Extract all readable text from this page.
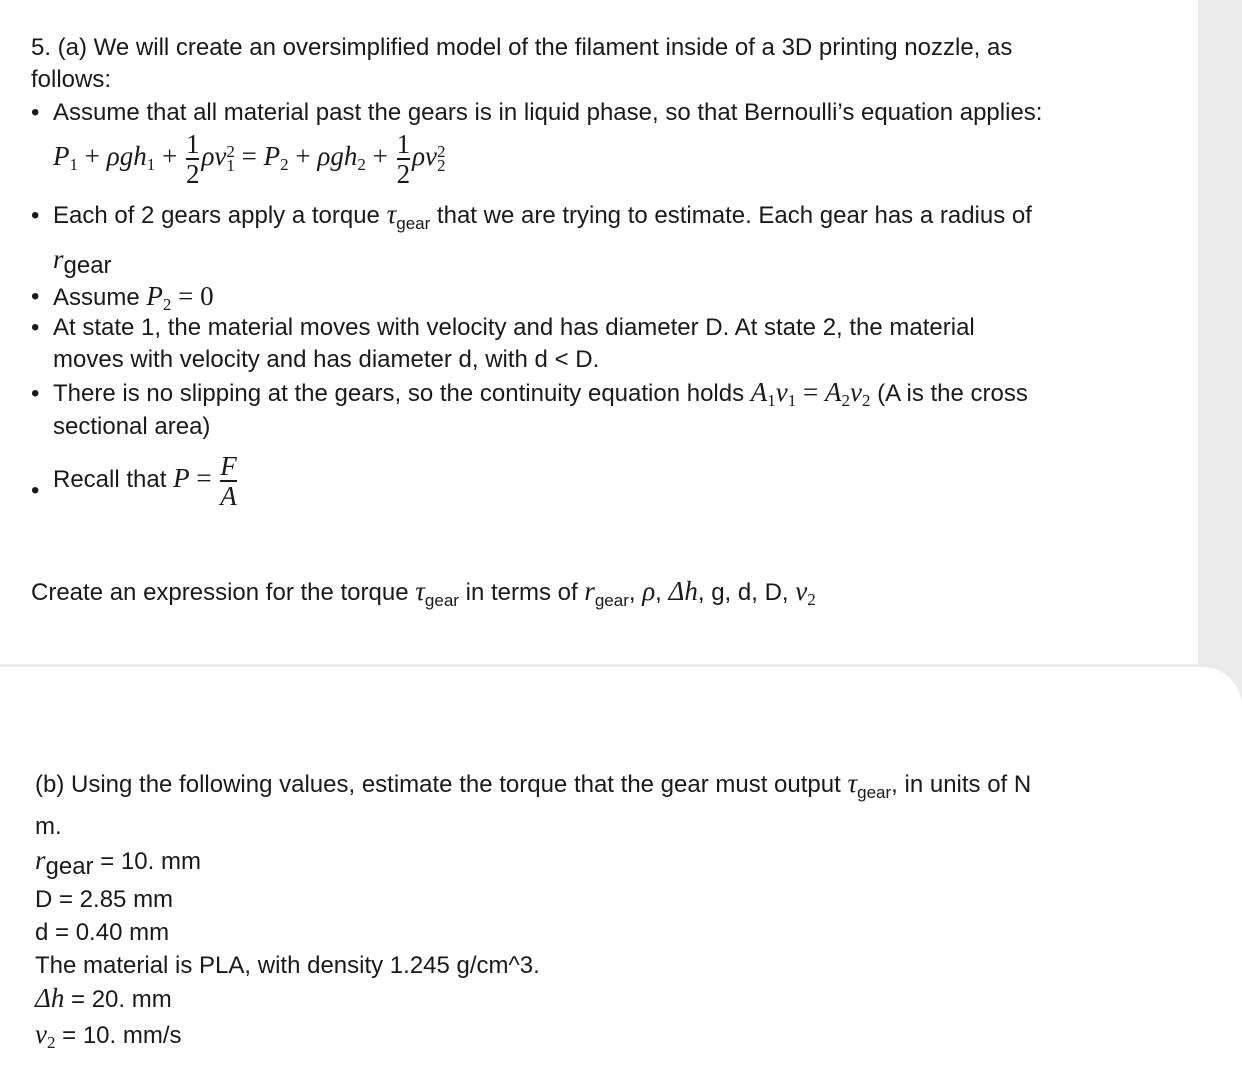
5. (a) We will create an oversimplified model of the filament inside of a 3D printing nozzle, as
follows:
• Assume that all material past the gears is in liquid phase, so that Bernoulli’s equation applies:
$P_1 + \rho gh_1 + \frac{1}{2}$ ρv 2
$1 = P_2 + \rho gh_2 + \frac{1}{2}$ ρv 2
2
• Each of 2 gears apply a torque $\tau_{gear}$ that we are trying to estimate. Each gear has a radius of
$r_{gear}$
• Assume $P_2 = 0$
• At state 1, the material moves with velocity and has diameter D. At state 2, the material
moves with velocity and has diameter d, with d < D.
• There is no slipping at the gears, so the continuity equation holds $A_1v_1 = A_2v_2$ (A is the cross
sectional area)
• Recall that $P = \frac{F}{A}$
Create an expression for the torque $\tau_{gear}$ in terms of $r_{gear}$, ρ, Δh, g, d, D, $v_2$
(b) Using the following values, estimate the torque that the gear must output $\tau_{gear}$, in units of N
m.
$r_{gear} = 10$. mm
D = 2.85 mm
d = 0.40 mm
The material is PLA, with density 1.245 g/cm^3.
Δh = 20. mm
$v_2 = 10$. mm/s
